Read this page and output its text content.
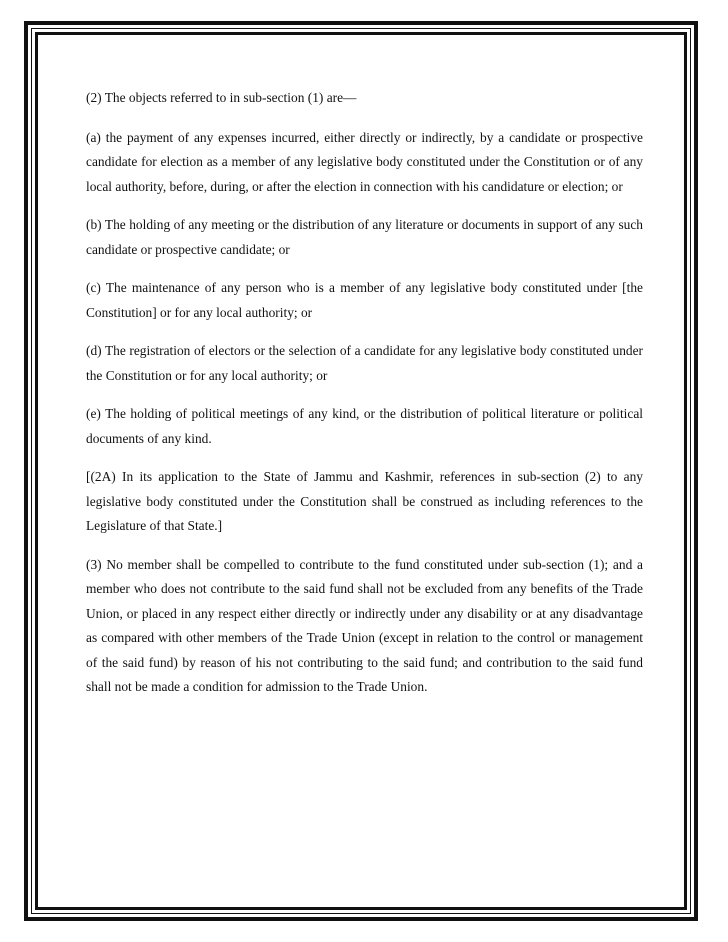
(2) The objects referred to in sub-section (1) are—

(a) the payment of any expenses incurred, either directly or indirectly, by a candidate or prospective candidate for election as a member of any legislative body constituted under the Constitution or of any local authority, before, during, or after the election in connection with his candidature or election; or

(b) The holding of any meeting or the distribution of any literature or documents in support of any such candidate or prospective candidate; or

(c) The maintenance of any person who is a member of any legislative body constituted under [the Constitution] or for any local authority; or

(d) The registration of electors or the selection of a candidate for any legislative body constituted under the Constitution or for any local authority; or

(e) The holding of political meetings of any kind, or the distribution of political literature or political documents of any kind.

[(2A) In its application to the State of Jammu and Kashmir, references in sub-section (2) to any legislative body constituted under the Constitution shall be construed as including references to the Legislature of that State.]

(3) No member shall be compelled to contribute to the fund constituted under sub-section (1); and a member who does not contribute to the said fund shall not be excluded from any benefits of the Trade Union, or placed in any respect either directly or indirectly under any disability or at any disadvantage as compared with other members of the Trade Union (except in relation to the control or management of the said fund) by reason of his not contributing to the said fund; and contribution to the said fund shall not be made a condition for admission to the Trade Union.
